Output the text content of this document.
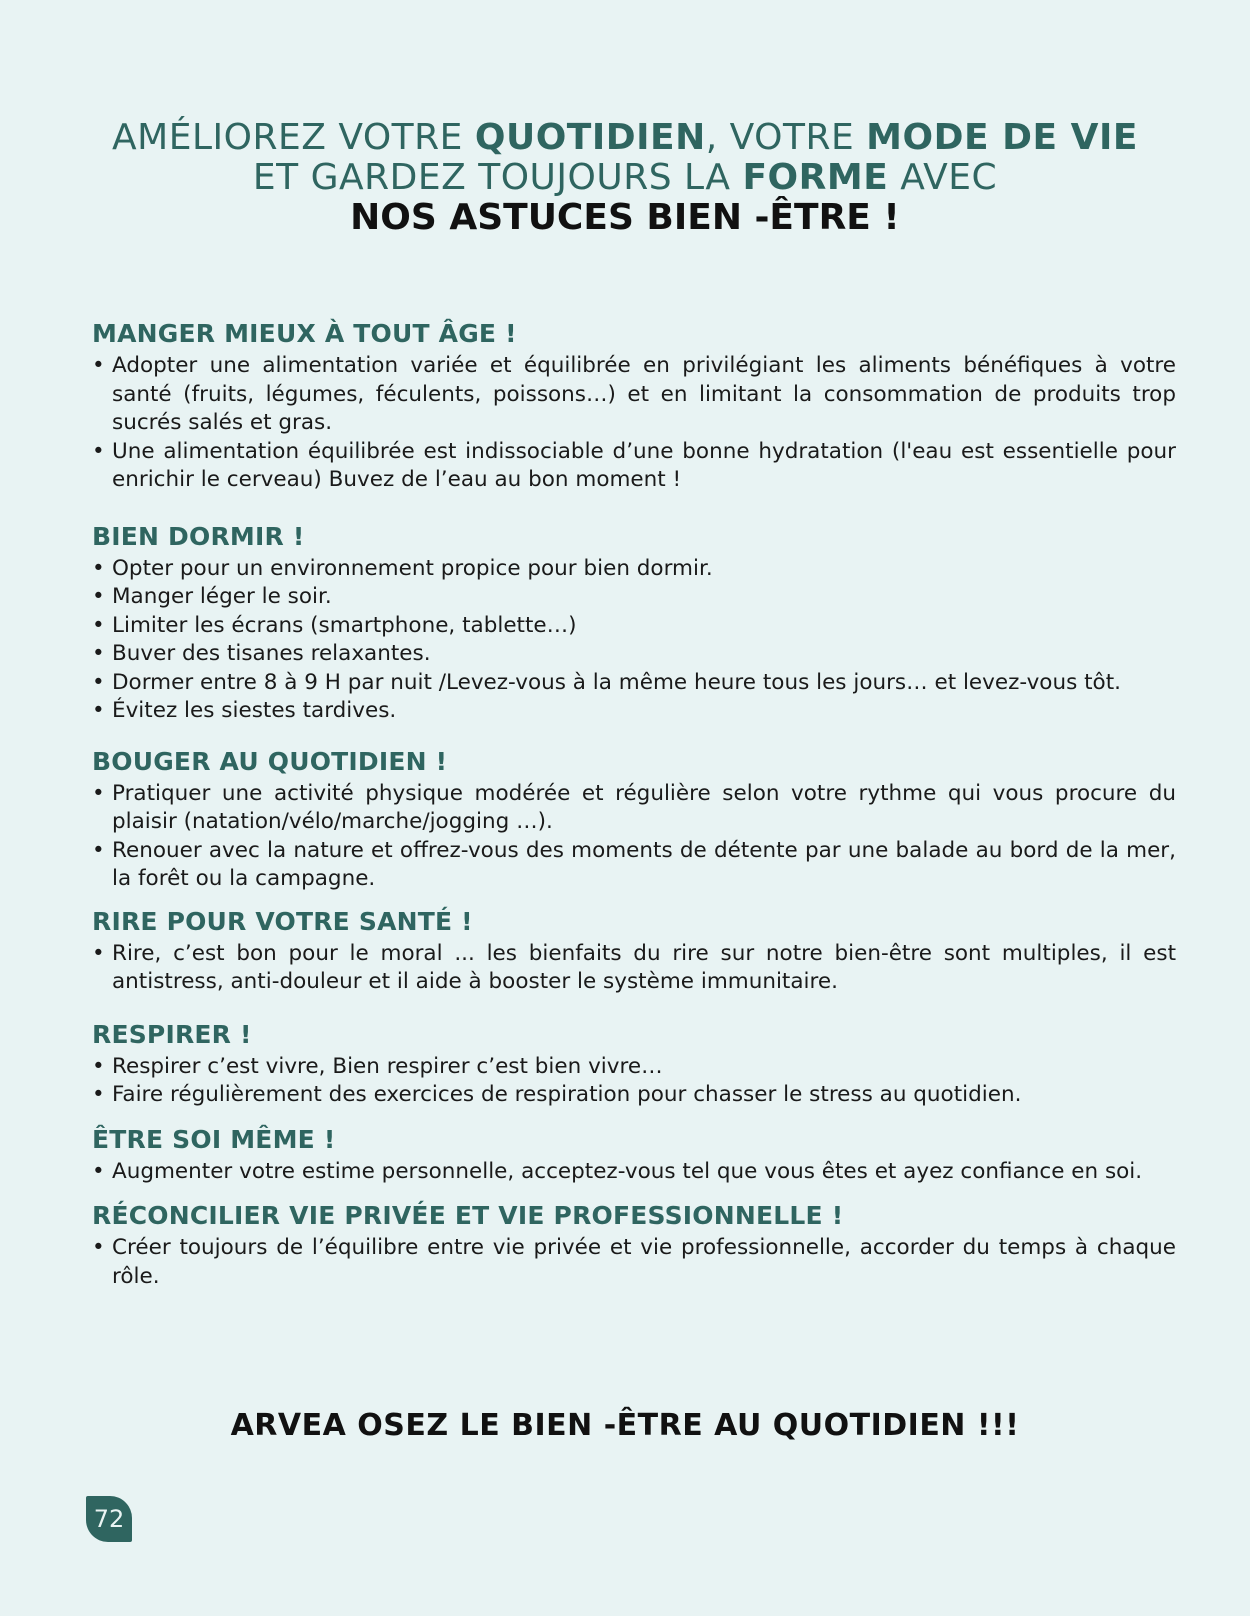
AMÉLIOREZ VOTRE QUOTIDIEN, VOTRE MODE DE VIE
ET GARDEZ TOUJOURS LA FORME AVEC
NOS ASTUCES BIEN -ÊTRE !
MANGER MIEUX À TOUT ÂGE !
• Adopter une alimentation variée et équilibrée en privilégiant les aliments bénéfiques à votre santé (fruits, légumes, féculents, poissons…) et en limitant la consommation de produits trop sucrés salés et gras.
• Une alimentation équilibrée est indissociable d’une bonne hydratation (l'eau est essentielle pour enrichir le cerveau) Buvez de l’eau au bon moment !
BIEN DORMIR !
• Opter pour un environnement propice pour bien dormir.
• Manger léger le soir.
• Limiter les écrans (smartphone, tablette…)
• Buver des tisanes relaxantes.
• Dormer entre 8 à 9 H par nuit /Levez-vous à la même heure tous les jours… et levez-vous tôt.
• Évitez les siestes tardives.
BOUGER AU QUOTIDIEN !
• Pratiquer une activité physique modérée et régulière selon votre rythme qui vous procure du plaisir (natation/vélo/marche/jogging …).
• Renouer avec la nature et offrez-vous des moments de détente par une balade au bord de la mer, la forêt ou la campagne.
RIRE POUR VOTRE SANTÉ !
• Rire, c’est bon pour le moral ... les bienfaits du rire sur notre bien-être sont multiples, il est antistress, anti-douleur et il aide à booster le système immunitaire.
RESPIRER !
• Respirer c’est vivre, Bien respirer c’est bien vivre…
• Faire régulièrement des exercices de respiration pour chasser le stress au quotidien.
ÊTRE SOI MÊME !
• Augmenter votre estime personnelle, acceptez-vous tel que vous êtes et ayez confiance en soi.
RÉCONCILIER VIE PRIVÉE ET VIE PROFESSIONNELLE !
• Créer toujours de l’équilibre entre vie privée et vie professionnelle, accorder du temps à chaque rôle.
ARVEA OSEZ LE BIEN -ÊTRE AU QUOTIDIEN !!!
72
